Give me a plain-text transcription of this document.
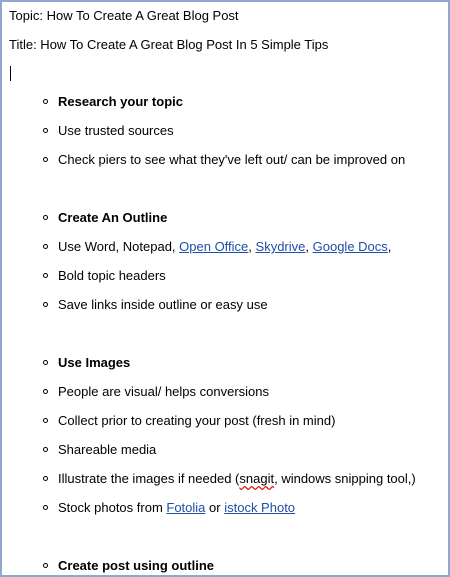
Topic: How To Create A Great Blog Post
Title: How To Create A Great Blog Post In 5 Simple Tips
Research your topic
Use trusted sources
Check piers to see what they've left out/ can be improved on
Create An Outline
Use Word, Notepad, Open Office, Skydrive, Google Docs,
Bold topic headers
Save links inside outline or easy use
Use Images
People are visual/ helps conversions
Collect prior to creating your post (fresh in mind)
Shareable media
Illustrate the images if needed (snagit, windows snipping tool,)
Stock photos from Fotolia or istock Photo
Create post using outline
